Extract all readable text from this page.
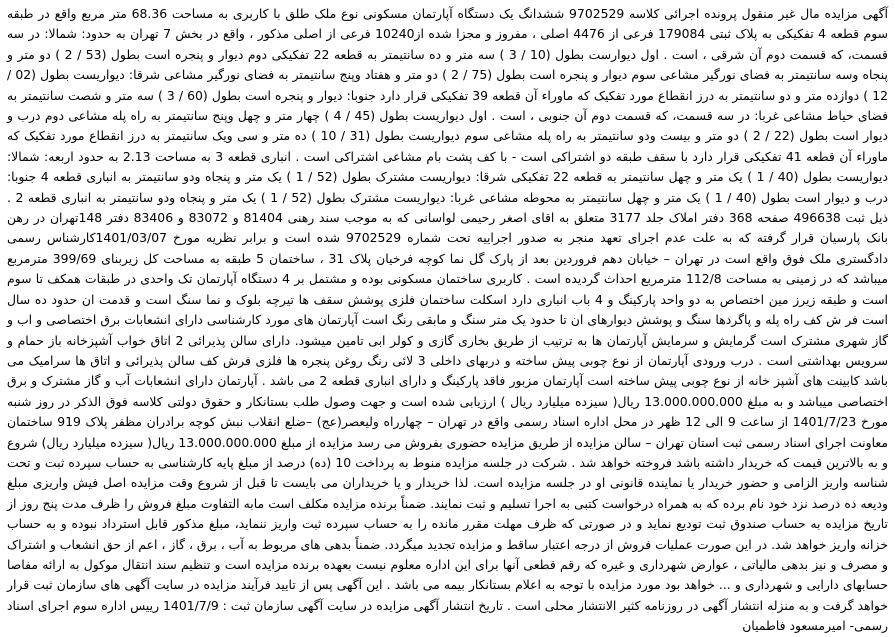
آگهی مزایده مال غیر منقول پرونده اجرائی کلاسه 9702529 ششدانگ یک دستگاه آپارتمان مسکونی نوع ملک طلق با کاربری به مساحت 68.36 متر مربع واقع در طبقه سوم قطعه 4 تفکیکی به پلاک ثبتی 179084 فرعی از 4476 اصلی ، مفروز و مجزا شده از10240 فرعی از اصلی مذکور ، واقع در بخش 7 تهران به حدود: شمالا: در سه قسمت، که قسمت دوم آن شرقی ، است . اول دیوارست بطول (10 / 3 ) سه متر و ده سانتیمتر به قطعه 22 تفکیکی دوم دیوار و پنجره است بطول (53 / 2 ) دو متر و پنجاه وسه سانتیمتر به فضای نورگیر مشاعی سوم دیوار و پنجره است بطول (75 / 2 ) دو متر و هفتاد وپنج سانتیمتر به فضای نورگیر مشاعی شرقا: دیواریست بطول (02 / 12 ) دوازده متر و دو سانتیمتر به درز انقطاع مورد تفکیک که ماوراء آن قطعه 39 تفکیکی قرار دارد جنوبا: دیوار و پنجره است بطول (60 / 3 ) سه متر و شصت سانتیمتر به فضای حیاط مشاعی غربا: در سه قسمت، که قسمت دوم آن جنوبی ، است . اول دیواریست بطول (45 / 4 ) چهار متر و چهل وپنج سانتیمتر به راه پله مشاعی دوم درب و دیوار است بطول (22 / 2 ) دو متر و بیست ودو سانتیمتر به راه پله مشاعی سوم دیواریست بطول (31 / 10 ) ده متر و سی ویک سانتیمتر به درز انقطاع مورد تفکیک که ماوراء آن قطعه 41 تفکیکی قرار دارد با سقف طبقه دو اشتراکی است - با کف پشت بام مشاعی اشتراکی است . انباری قطعه 3 به مساحت 2.13 به حدود اربعه: شمالا: دیواریست بطول (40 / 1 ) یک متر و چهل سانتیمتر به قطعه 22 تفکیکی شرقا: دیواریست مشترک بطول (52 / 1 ) یک متر و پنجاه ودو سانتیمتر به انباری قطعه 4 جنوبا: درب و دیوار است بطول (40 / 1 ) یک متر و چهل سانتیمتر به محوطه مشاعی غربا: دیواریست مشترک بطول (52 / 1 ) یک متر و پنجاه ودو سانتیمتر به انباری قطعه 2 . ذیل ثبت 496638 صفحه 368 دفتر املاک جلد 3177 متعلق به اقای اصغر رحیمی لواسانی که به موجب سند رهنی 81404 و 83072 و 83406 دفتر 148تهران در رهن بانک پارسیان قرار گرفته که به علت عدم اجرای تعهد منجر به صدور اجراییه تحت شماره 9702529 شده است و برابر نظریه مورخ 1401/03/07کارشناس رسمی دادگستری ملک فوق واقع است در تهران – خیابان دهم فروردین بعد از پارک گل نما کوچه فرخیان پلاک 31 ، ساختمان 5 طبقه به مساحت کل زیربنای 399/69 مترمربع میباشد که در زمینی به مساحت 112/8 مترمربع احداث گردیده است . کاربری ساختمان مسکونی بوده و مشتمل بر 4 دستگاه آپارتمان تک واحدی در طبقات همکف تا سوم است و طبقه زیرز مین اختصاص به دو واحد پارکینگ و 4 باب انباری دارد اسکلت ساختمان فلزی پوشش سقف ها تیرچه بلوک و نما سنگ است و قدمت ان حدود ده سال است فر ش کف راه پله و پاگردها سنگ و پوشش دیوارهای ان تا حدود یک متر سنگ و مابقی رنگ است آپارتمان های مورد کارشناسی دارای انشعابات برق اختصاصی و اب و گاز شهری مشترک است گرمایش و سرمایش آپارتمان ها به ترتیب از طریق بخاری گازی و کولر ابی تامین میشود. دارای سالن پذیرائی 2 اتاق خواب آشپزخانه باز حمام و سرویس بهداشتی است . درب ورودی آپارتمان از نوع چوبی پیش ساخته و دربهای داخلی 3 لائی رنگ روغن پنجره ها فلزی فرش کف سالن پذیرائی و اتاق ها سرامیک می باشد کابینت های آشپز خانه از نوع چوبی پیش ساخته است آپارتمان مزبور فاقد پارکینگ و دارای انباری قطعه 2 می باشد . آپارتمان دارای انشعابات آب و گاز مشترک و برق اختصاصی میباشد و به مبلغ 13.000.000.000 ریال( سیزده میلیارد ریال ) ارزیابی شده است و جهت وصول طلب بستانکار و حقوق دولتی کلاسه فوق الذکر در روز شنبه مورخ 1401/7/23 از ساعت 9 الی 12 ظهر در محل اداره اسناد رسمی واقع در تهران – چهارراه ولیعصر(عج) –ضلع انقلاب نبش کوچه برادران مظفر پلاک 919 ساختمان معاونت اجرای اسناد رسمی ثبت استان تهران – سالن مزایده از طریق مزایده حضوری بفروش می رسد مزایده از مبلغ 13.000.000.000 ریال( سیزده میلیارد ریال) شروع و به بالاترین قیمت که خریدار داشته باشد فروخته خواهد شد . شرکت در جلسه مزایده منوط به پرداخت 10 (ده) درصد از مبلغ پایه کارشناسی به حساب سپرده ثبت و تحت شناسه واریز الزامی و حضور خریدار یا نماینده قانونی او در جلسه مزایده است. لذا خریدار و یا خریداران می بایست تا قبل از شروع وقت مزایده اصل فیش واریزی مبلغ ودیعه ده درصد نزد خود نام برده که به همراه درخواست کتبی به اجرا تسلیم و ثبت نمایند. ضمناً برنده مزایده مکلف است مابه التفاوت مبلغ فروش را ظرف مدت پنج روز از تاریخ مزایده به حساب صندوق ثبت تودیع نماید و در صورتی که ظرف مهلت مقرر مانده را به حساب سپرده ثبت واریز ننماید، مبلغ مذکور قابل استرداد نبوده و به حساب خزانه واریز خواهد شد. در این صورت عملیات فروش از درجه اعتبار ساقط و مزایده تجدید میگردد. ضمناً بدهی های مربوط به آب ، برق ، گاز ، اعم از حق انشعاب و اشتراک و مصرف و نیز بدهی مالیاتی ، عوارض شهرداری و غیره که رقم قطعی آنها برای این اداره معلوم نیست بعهده برنده مزایده است و تنظیم سند انتقال موکول به ارائه مفاصا حسابهای دارایی و شهرداری و ... خواهد بود مورد مزایده با توجه به اعلام بستانکار بیمه می باشد . این آگهی پس از تایید فرآیند مزایده در سایت آگهی های سازمان ثبت قرار خواهد گرفت و به منزله انتشار آگهی در روزنامه کثیر الانتشار محلی است . تاریخ انتشار آگهی مزایده در سایت آگهی سازمان ثبت : 1401/7/9 رییس اداره سوم اجرای اسناد رسمی- امیرمسعود فاطمیان
